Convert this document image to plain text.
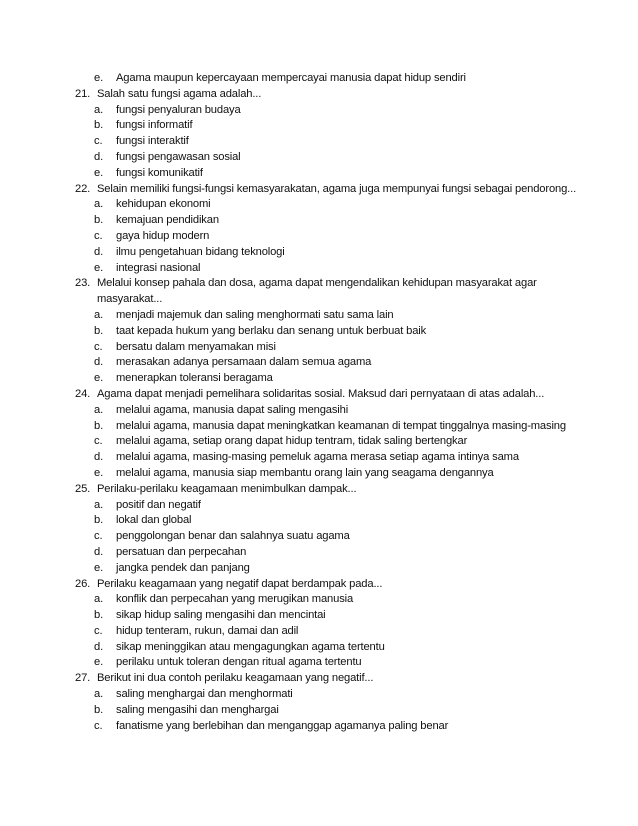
e.	Agama maupun kepercayaan mempercayai manusia dapat hidup sendiri
21. Salah satu fungsi agama adalah...
a.	fungsi penyaluran budaya
b.	fungsi informatif
c.	fungsi interaktif
d.	fungsi pengawasan sosial
e.	fungsi komunikatif
22. Selain memiliki fungsi-fungsi kemasyarakatan, agama juga mempunyai fungsi sebagai pendorong...
a.	kehidupan ekonomi
b.	kemajuan pendidikan
c.	gaya hidup modern
d.	ilmu pengetahuan bidang teknologi
e.	integrasi nasional
23. Melalui konsep pahala dan dosa, agama dapat mengendalikan kehidupan masyarakat agar
masyarakat...
a.	menjadi majemuk dan saling menghormati satu sama lain
b.	taat kepada hukum yang berlaku dan senang untuk berbuat baik
c.	bersatu dalam menyamakan misi
d.	merasakan adanya persamaan dalam semua agama
e.	menerapkan toleransi beragama
24. Agama dapat menjadi pemelihara solidaritas sosial. Maksud dari pernyataan di atas adalah...
a.	melalui agama, manusia dapat saling mengasihi
b.	melalui agama, manusia dapat meningkatkan keamanan di tempat tinggalnya masing-masing
c.	melalui agama, setiap orang dapat hidup tentram, tidak saling bertengkar
d.	melalui agama, masing-masing pemeluk agama merasa setiap agama intinya sama
e.	melalui agama, manusia siap membantu orang lain yang seagama dengannya
25. Perilaku-perilaku keagamaan menimbulkan dampak...
a.	positif dan negatif
b.	lokal dan global
c.	penggolongan benar dan salahnya suatu agama
d.	persatuan dan perpecahan
e.	jangka pendek dan panjang
26. Perilaku keagamaan yang negatif dapat berdampak pada...
a.	konflik dan perpecahan yang merugikan manusia
b.	sikap hidup saling mengasihi dan mencintai
c.	hidup tenteram, rukun, damai dan adil
d.	sikap meninggikan atau mengagungkan agama tertentu
e.	perilaku untuk toleran dengan ritual agama tertentu
27. Berikut ini dua contoh perilaku keagamaan yang negatif...
a.	saling menghargai dan menghormati
b.	saling mengasihi dan menghargai
c.	fanatisme yang berlebihan dan menganggap agamanya paling benar
